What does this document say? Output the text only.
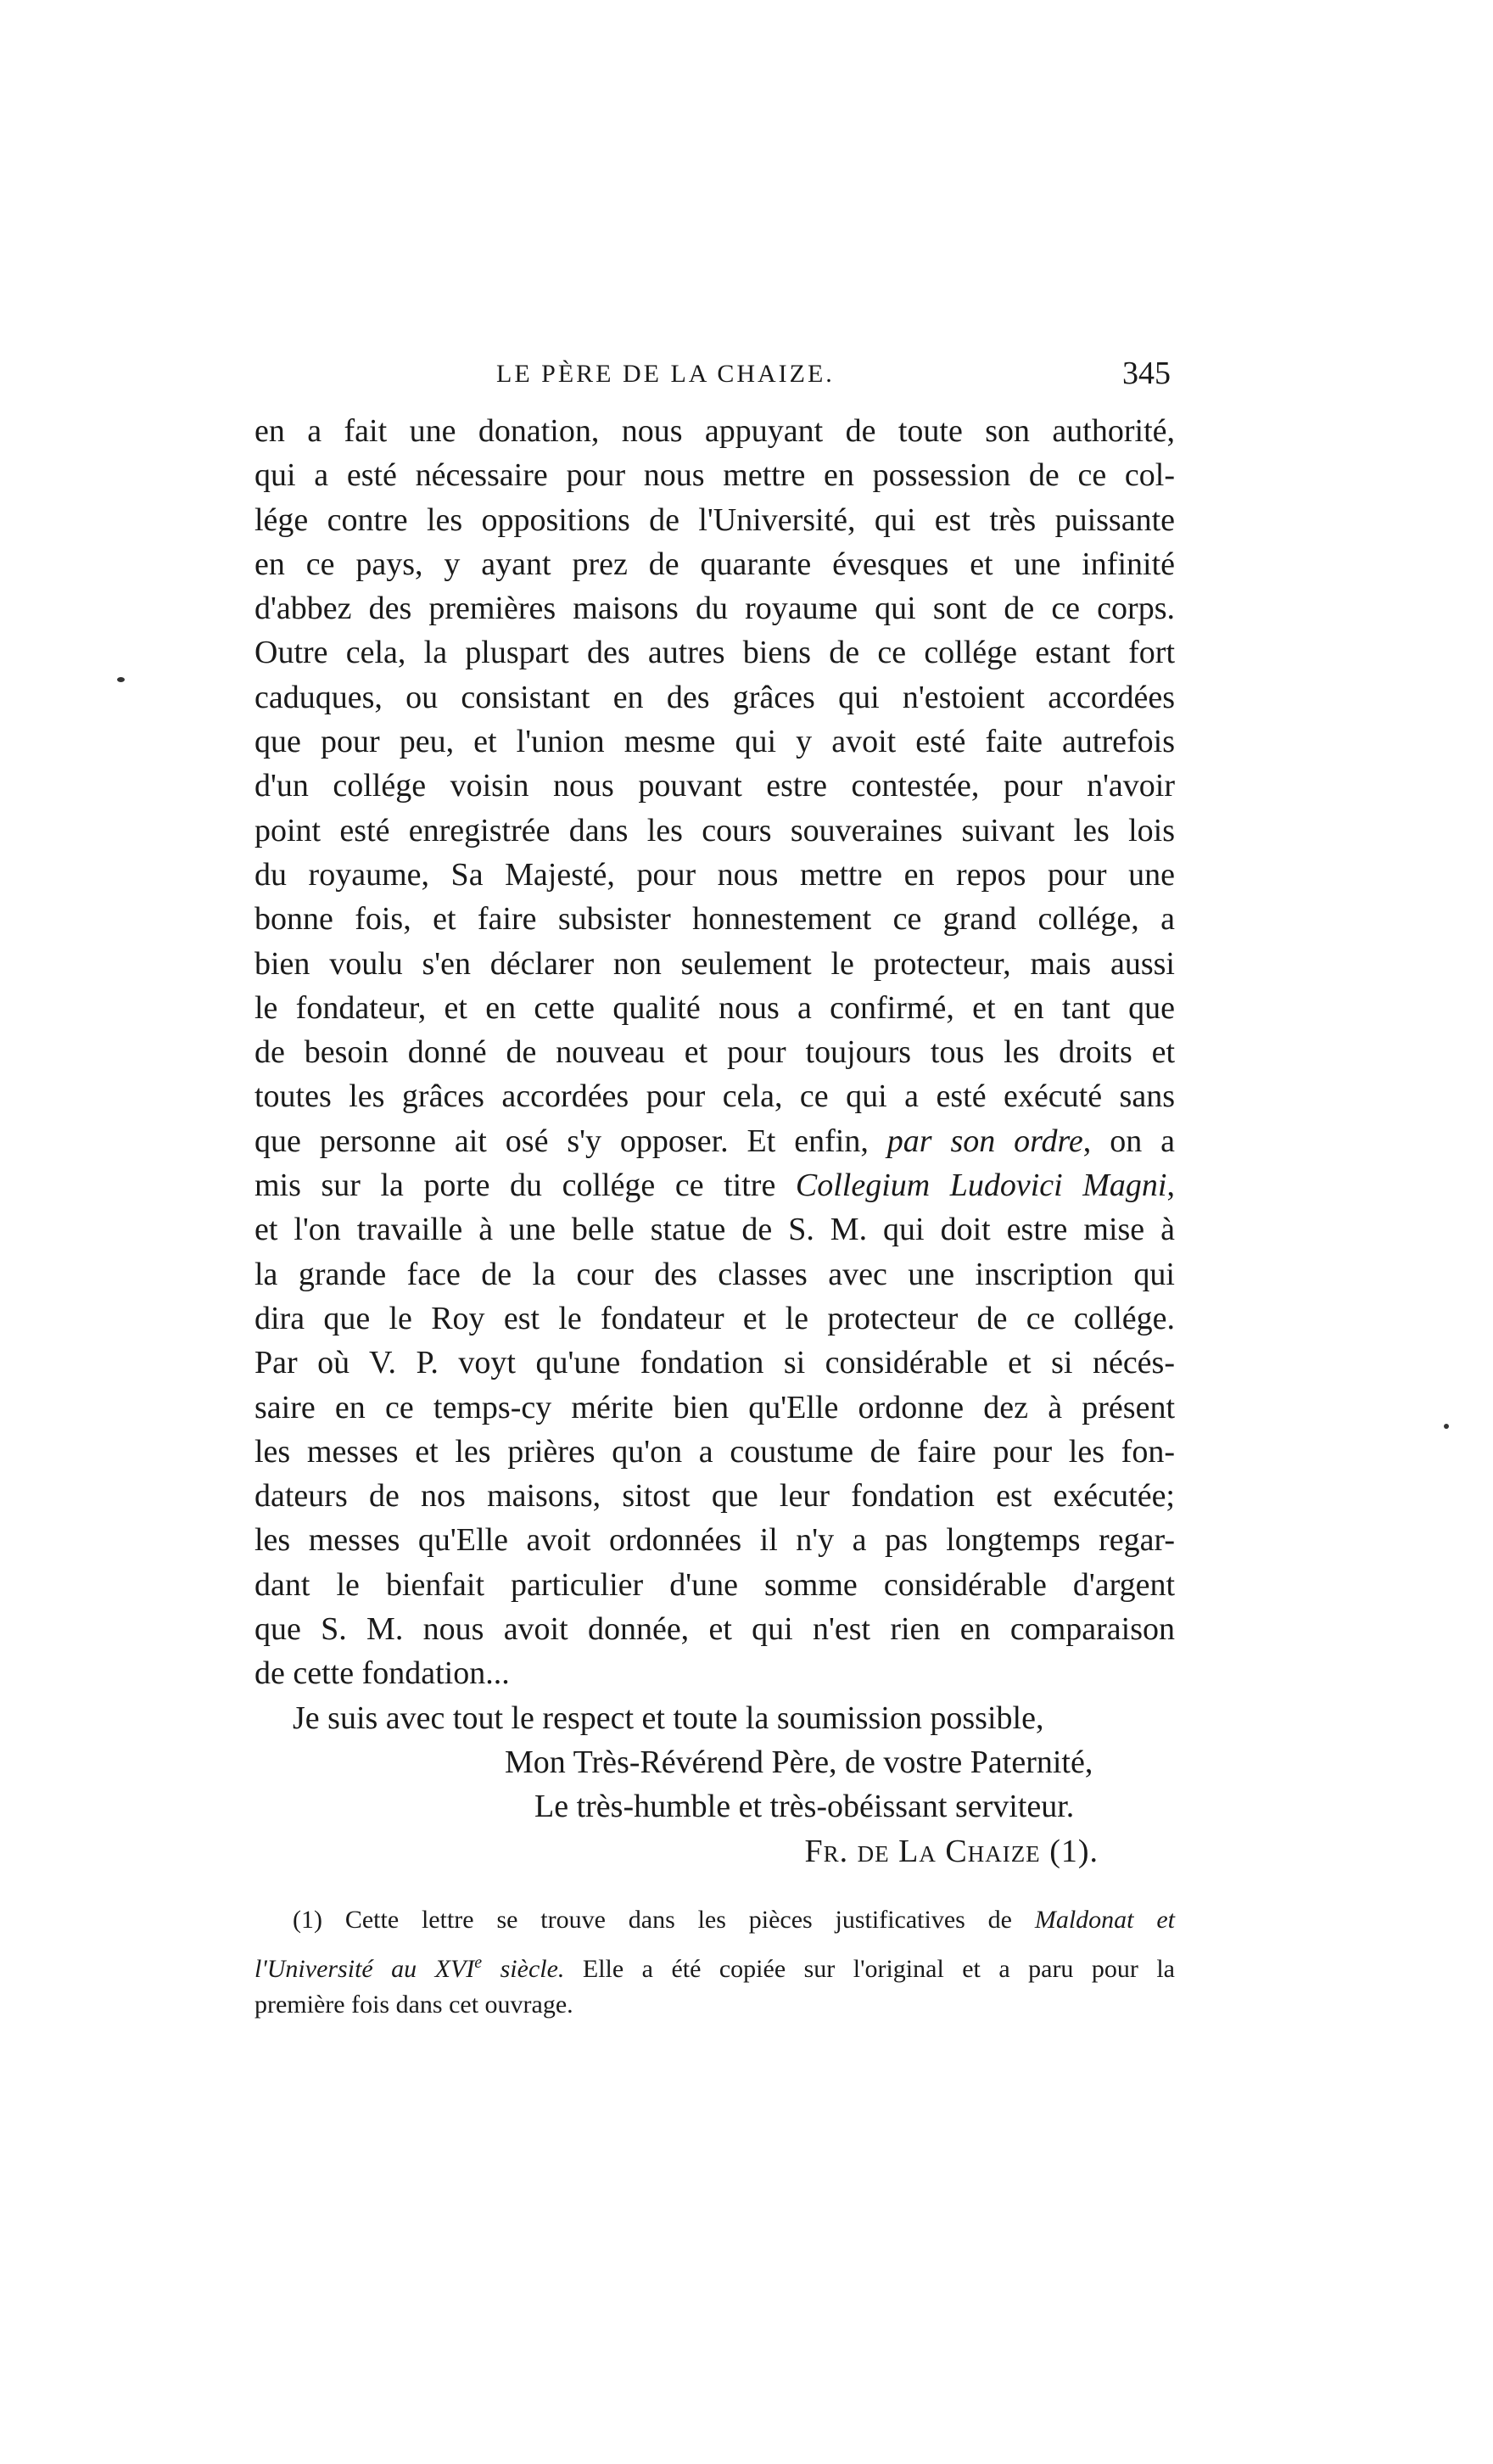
LE PÈRE DE LA CHAIZE.	345
en a fait une donation, nous appuyant de toute son authorité,
qui a esté nécessaire pour nous mettre en possession de ce col-
lége contre les oppositions de l'Université, qui est très puissante
en ce pays, y ayant prez de quarante évesques et une infinité
d'abbez des premières maisons du royaume qui sont de ce corps.
Outre cela, la pluspart des autres biens de ce collége estant fort
caduques, ou consistant en des grâces qui n'estoient accordées
que pour peu, et l'union mesme qui y avoit esté faite autrefois
d'un collége voisin nous pouvant estre contestée, pour n'avoir
point esté enregistrée dans les cours souveraines suivant les lois
du royaume, Sa Majesté, pour nous mettre en repos pour une
bonne fois, et faire subsister honnestement ce grand collége, a
bien voulu s'en déclarer non seulement le protecteur, mais aussi
le fondateur, et en cette qualité nous a confirmé, et en tant que
de besoin donné de nouveau et pour toujours tous les droits et
toutes les grâces accordées pour cela, ce qui a esté exécuté sans
que personne ait osé s'y opposer. Et enfin, par son ordre, on a
mis sur la porte du collége ce titre Collegium Ludovici Magni,
et l'on travaille à une belle statue de S. M. qui doit estre mise à
la grande face de la cour des classes avec une inscription qui
dira que le Roy est le fondateur et le protecteur de ce collége.
Par où V. P. voyt qu'une fondation si considérable et si nécés-
saire en ce temps-cy mérite bien qu'Elle ordonne dez à présent
les messes et les prières qu'on a coustume de faire pour les fon-
dateurs de nos maisons, sitost que leur fondation est exécutée;
les messes qu'Elle avoit ordonnées il n'y a pas longtemps regar-
dant le bienfait particulier d'une somme considérable d'argent
que S. M. nous avoit donnée, et qui n'est rien en comparaison
de cette fondation...
Je suis avec tout le respect et toute la soumission possible,
Mon Très-Révérend Père, de vostre Paternité,
Le très-humble et très-obéissant serviteur.
Fr. de La Chaize (1).
(1) Cette lettre se trouve dans les pièces justificatives de Maldonat et
l'Université au XVIe siècle. Elle a été copiée sur l'original et a paru pour la
première fois dans cet ouvrage.
